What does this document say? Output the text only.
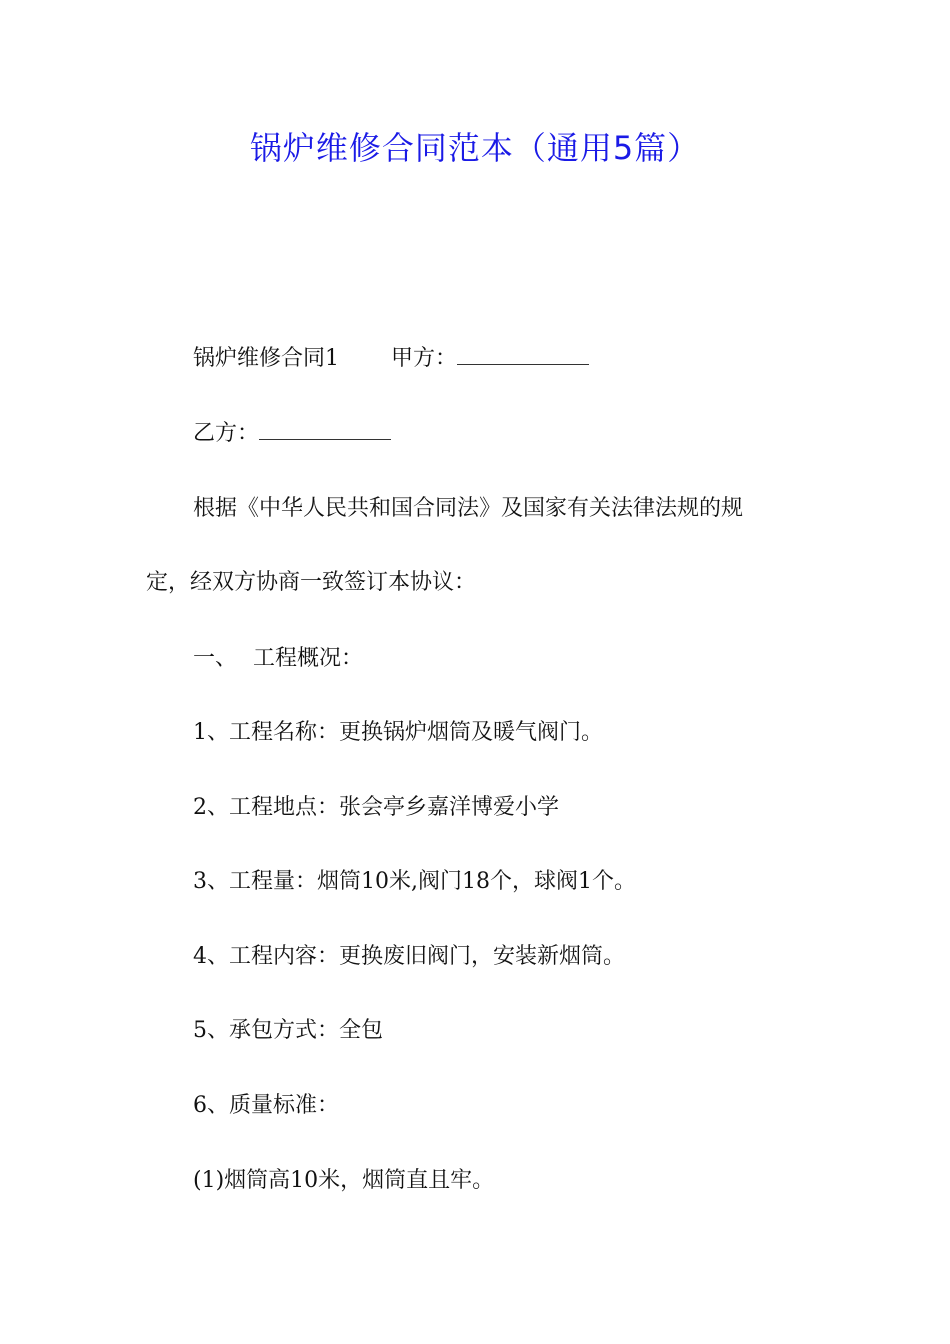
锅炉维修合同范本（通用5篇）
锅炉维修合同1 甲方：
乙方：
根据《中华人民共和国合同法》及国家有关法律法规的规
定，经双方协商一致签订本协议：
一、 工程概况：
1、工程名称：更换锅炉烟筒及暖气阀门。
2、工程地点：张会亭乡嘉洋博爱小学
3、工程量：烟筒10米,阀门18个，球阀1个。
4、工程内容：更换废旧阀门，安装新烟筒。
5、承包方式：全包
6、质量标准：
(1)烟筒高10米，烟筒直且牢。
